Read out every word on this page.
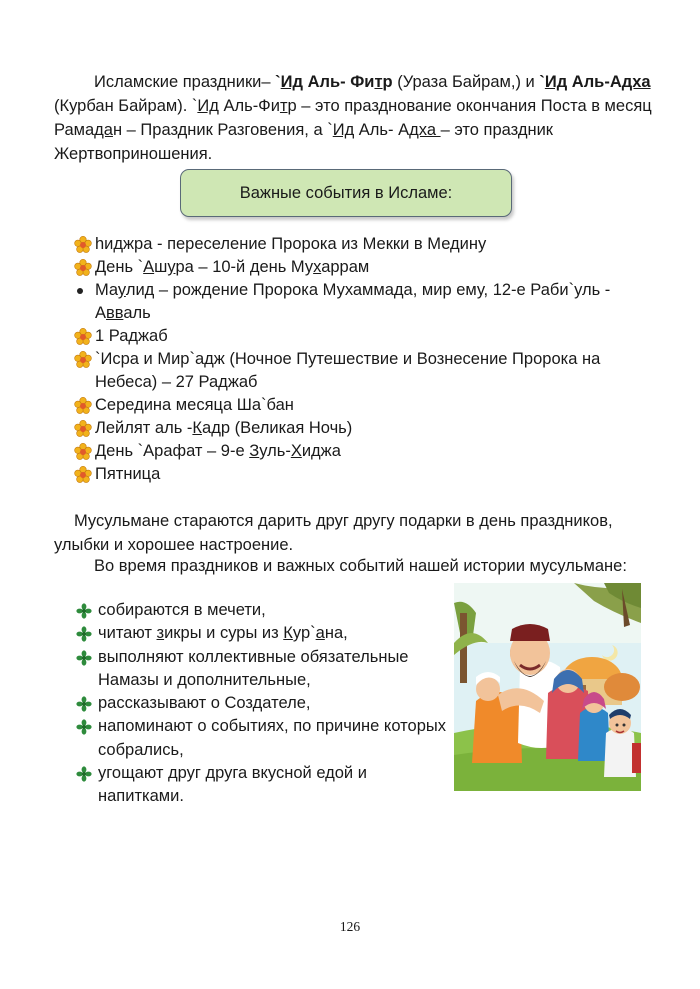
Исламские праздники– `Ид Аль- Фитр (Ураза Байрам,) и `Ид Аль-Адха (Курбан Байрам). `Ид Аль-Фитр – это празднование окончания Поста в месяц Рамадан – Праздник Разговения, а `Ид Аль- Адха – это праздник Жертвоприношения.

Важные события в Исламе:
hиджра - переселение Пророка из Мекки в Медину
День `Ашура – 10-й день Мухаррам
Маулид – рождение Пророка Мухаммада, мир ему, 12-е Раби`уль - Авваль
1 Раджаб
`Исра и Мир`адж (Ночное Путешествие и Вознесение Пророка на Небеса) – 27 Раджаб
Середина месяца Ша`бан
Лейлят аль -Кадр (Великая Ночь)
День `Арафат – 9-е Зуль-Хиджа
Пятница

Мусульмане стараются дарить друг другу подарки в день праздников, улыбки и хорошее настроение.

Во время праздников и важных событий нашей истории мусульмане:

собираются в мечети,
читают зикры и суры из Кур`ана,
выполняют коллективные обязательные Намазы и дополнительные,
рассказывают о Создателе,
напоминают о событиях, по причине которых собрались,
угощают друг друга вкусной едой и напитками.
126
